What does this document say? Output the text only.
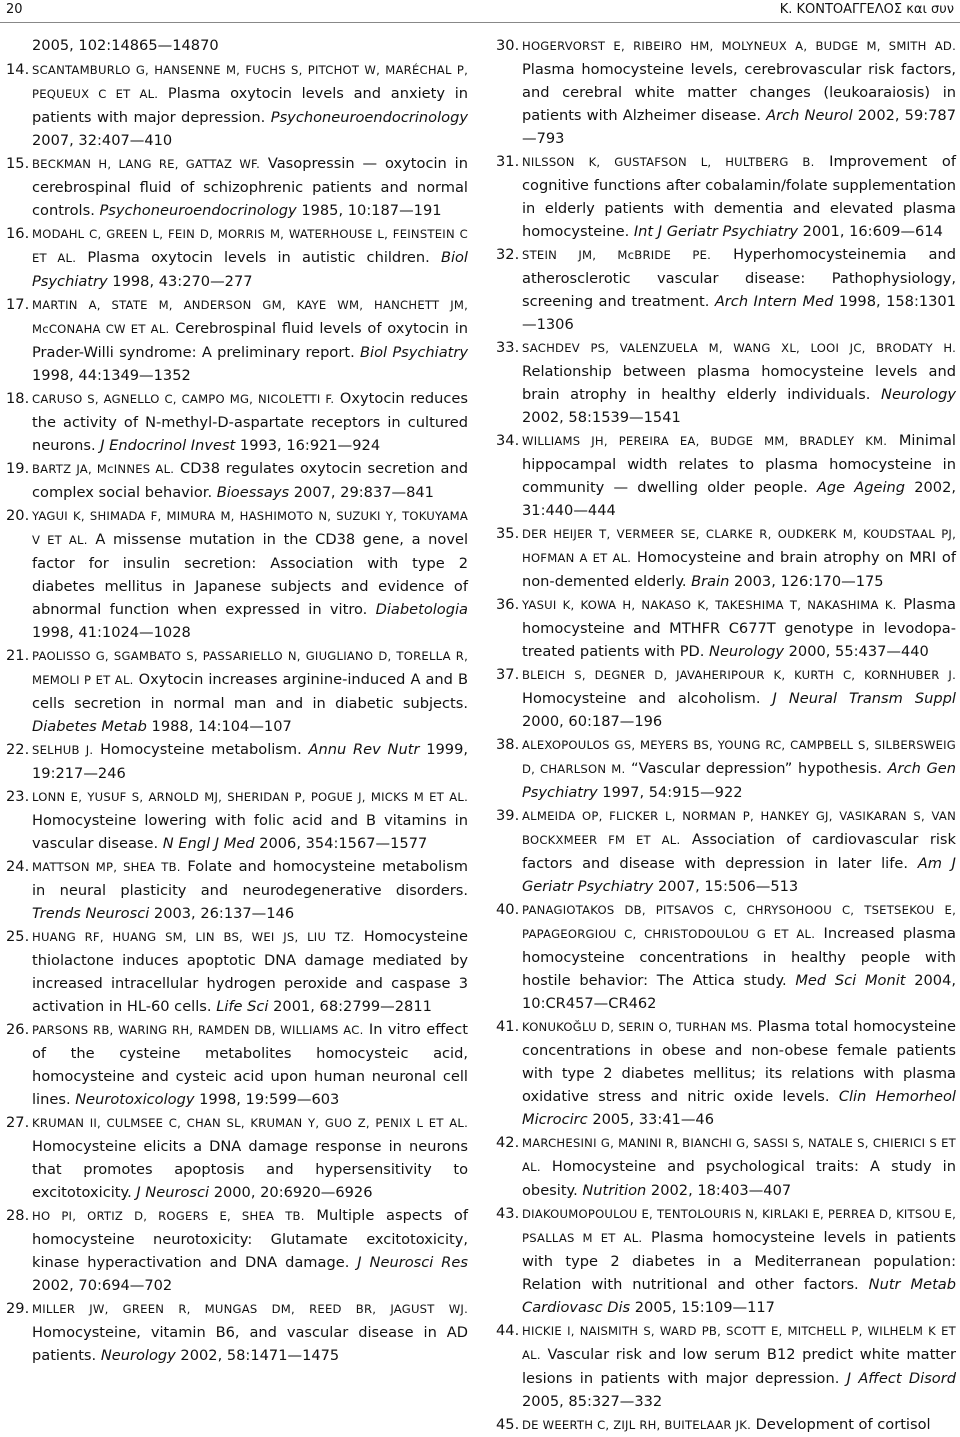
20	Κ. ΚΟΝΤΟΑΓΓΕΛΟΣ και συν
2005, 102:14865—14870
14. SCANTAMBURLO G, HANSENNE M, FUCHS S, PITCHOT W, MARÉCHAL P, PEQUEUX C ET AL. Plasma oxytocin levels and anxiety in patients with major depression. Psychoneuroendocrinology 2007, 32:407—410
15. BECKMAN H, LANG RE, GATTAZ WF. Vasopressin — oxytocin in cerebrospinal fluid of schizophrenic patients and normal controls. Psychoneuroendocrinology 1985, 10:187—191
16. MODAHL C, GREEN L, FEIN D, MORRIS M, WATERHOUSE L, FEINSTEIN C ET AL. Plasma oxytocin levels in autistic children. Biol Psychiatry 1998, 43:270—277
17. MARTIN A, STATE M, ANDERSON GM, KAYE WM, HANCHETT JM, McCONAHA CW ET AL. Cerebrospinal fluid levels of oxytocin in Prader-Willi syndrome: A preliminary report. Biol Psychiatry 1998, 44:1349—1352
18. CARUSO S, AGNELLO C, CAMPO MG, NICOLETTI F. Oxytocin reduces the activity of N-methyl-D-aspartate receptors in cultured neurons. J Endocrinol Invest 1993, 16:921—924
19. BARTZ JA, McINNES AL. CD38 regulates oxytocin secretion and complex social behavior. Bioessays 2007, 29:837—841
20. YAGUI K, SHIMADA F, MIMURA M, HASHIMOTO N, SUZUKI Y, TOKUYAMA V ET AL. A missense mutation in the CD38 gene, a novel factor for insulin secretion: Association with type 2 diabetes mellitus in Japanese subjects and evidence of abnormal function when expressed in vitro. Diabetologia 1998, 41:1024—1028
21. PAOLISSO G, SGAMBATO S, PASSARIELLO N, GIUGLIANO D, TORELLA R, MEMOLI P ET AL. Oxytocin increases arginine-induced A and B cells secretion in normal man and in diabetic subjects. Diabetes Metab 1988, 14:104—107
22. SELHUB J. Homocysteine metabolism. Annu Rev Nutr 1999, 19:217—246
23. LONN E, YUSUF S, ARNOLD MJ, SHERIDAN P, POGUE J, MICKS M ET AL. Homocysteine lowering with folic acid and B vitamins in vascular disease. N Engl J Med 2006, 354:1567—1577
24. MATTSON MP, SHEA TB. Folate and homocysteine metabolism in neural plasticity and neurodegenerative disorders. Trends Neurosci 2003, 26:137—146
25. HUANG RF, HUANG SM, LIN BS, WEI JS, LIU TZ. Homocysteine thiolactone induces apoptotic DNA damage mediated by increased intracellular hydrogen peroxide and caspase 3 activation in HL-60 cells. Life Sci 2001, 68:2799—2811
26. PARSONS RB, WARING RH, RAMDEN DB, WILLIAMS AC. In vitro effect of the cysteine metabolites homocysteic acid, homocysteine and cysteic acid upon human neuronal cell lines. Neurotoxicology 1998, 19:599—603
27. KRUMAN II, CULMSEE C, CHAN SL, KRUMAN Y, GUO Z, PENIX L ET AL. Homocysteine elicits a DNA damage response in neurons that promotes apoptosis and hypersensitivity to excitotoxicity. J Neurosci 2000, 20:6920—6926
28. HO PI, ORTIZ D, ROGERS E, SHEA TB. Multiple aspects of homocysteine neurotoxicity: Glutamate excitotoxicity, kinase hyperactivation and DNA damage. J Neurosci Res 2002, 70:694—702
29. MILLER JW, GREEN R, MUNGAS DM, REED BR, JAGUST WJ. Homocysteine, vitamin B6, and vascular disease in AD patients. Neurology 2002, 58:1471—1475
30. HOGERVORST E, RIBEIRO HM, MOLYNEUX A, BUDGE M, SMITH AD. Plasma homocysteine levels, cerebrovascular risk factors, and cerebral white matter changes (leukoaraiosis) in patients with Alzheimer disease. Arch Neurol 2002, 59:787—793
31. NILSSON K, GUSTAFSON L, HULTBERG B. Improvement of cognitive functions after cobalamin/folate supplementation in elderly patients with dementia and elevated plasma homocysteine. Int J Geriatr Psychiatry 2001, 16:609—614
32. STEIN JM, McBRIDE PE. Hyperhomocysteinemia and atherosclerotic vascular disease: Pathophysiology, screening and treatment. Arch Intern Med 1998, 158:1301—1306
33. SACHDEV PS, VALENZUELA M, WANG XL, LOOI JC, BRODATY H. Relationship between plasma homocysteine levels and brain atrophy in healthy elderly individuals. Neurology 2002, 58:1539—1541
34. WILLIAMS JH, PEREIRA EA, BUDGE MM, BRADLEY KM. Minimal hippocampal width relates to plasma homocysteine in community — dwelling older people. Age Ageing 2002, 31:440—444
35. DER HEIJER T, VERMEER SE, CLARKE R, OUDKERK M, KOUDSTAAL PJ, HOFMAN A ET AL. Homocysteine and brain atrophy on MRI of non-demented elderly. Brain 2003, 126:170—175
36. YASUI K, KOWA H, NAKASO K, TAKESHIMA T, NAKASHIMA K. Plasma homocysteine and MTHFR C677T genotype in levodopa-treated patients with PD. Neurology 2000, 55:437—440
37. BLEICH S, DEGNER D, JAVAHERIPOUR K, KURTH C, KORNHUBER J. Homocysteine and alcoholism. J Neural Transm Suppl 2000, 60:187—196
38. ALEXOPOULOS GS, MEYERS BS, YOUNG RC, CAMPBELL S, SILBERSWEIG D, CHARLSON M. “Vascular depression” hypothesis. Arch Gen Psychiatry 1997, 54:915—922
39. ALMEIDA OP, FLICKER L, NORMAN P, HANKEY GJ, VASIKARAN S, VAN BOCKXMEER FM ET AL. Association of cardiovascular risk factors and disease with depression in later life. Am J Geriatr Psychiatry 2007, 15:506—513
40. PANAGIOTAKOS DB, PITSAVOS C, CHRYSOHOOU C, TSETSEKOU E, PAPAGEORGIOU C, CHRISTODOULOU G ET AL. Increased plasma homocysteine concentrations in healthy people with hostile behavior: The Attica study. Med Sci Monit 2004, 10:CR457—CR462
41. KONUKOĞLU D, SERIN O, TURHAN MS. Plasma total homocysteine concentrations in obese and non-obese female patients with type 2 diabetes mellitus; its relations with plasma oxidative stress and nitric oxide levels. Clin Hemorheol Microcirc 2005, 33:41—46
42. MARCHESINI G, MANINI R, BIANCHI G, SASSI S, NATALE S, CHIERICI S ET AL. Homocysteine and psychological traits: A study in obesity. Nutrition 2002, 18:403—407
43. DIAKOUMOPOULOU E, TENTOLOURIS N, KIRLAKI E, PERREA D, KITSOU E, PSALLAS M ET AL. Plasma homocysteine levels in patients with type 2 diabetes in a Mediterranean population: Relation with nutritional and other factors. Nutr Metab Cardiovasc Dis 2005, 15:109—117
44. HICKIE I, NAISMITH S, WARD PB, SCOTT E, MITCHELL P, WILHELM K ET AL. Vascular risk and low serum B12 predict white matter lesions in patients with major depression. J Affect Disord 2005, 85:327—332
45. DE WEERTH C, ZIJL RH, BUITELAAR JK. Development of cortisol
